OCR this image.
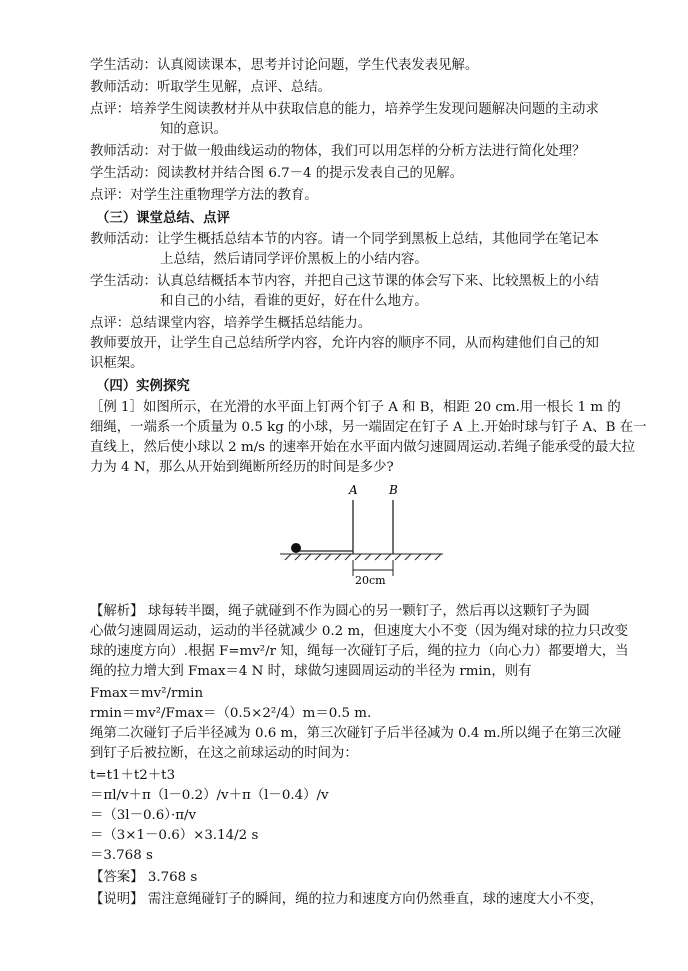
学生活动：认真阅读课本，思考并讨论问题，学生代表发表见解。
教师活动：听取学生见解，点评、总结。
点评：培养学生阅读教材并从中获取信息的能力，培养学生发现问题解决问题的主动求
知的意识。
教师活动：对于做一般曲线运动的物体，我们可以用怎样的分析方法进行简化处理？
学生活动：阅读教材并结合图 6.7－4 的提示发表自己的见解。
点评：对学生注重物理学方法的教育。
（三）课堂总结、点评
教师活动：让学生概括总结本节的内容。请一个同学到黑板上总结，其他同学在笔记本
上总结，然后请同学评价黑板上的小结内容。
学生活动：认真总结概括本节内容，并把自己这节课的体会写下来、比较黑板上的小结
和自己的小结，看谁的更好，好在什么地方。
点评：总结课堂内容，培养学生概括总结能力。
教师要放开，让学生自己总结所学内容，允许内容的顺序不同，从而构建他们自己的知
识框架。
（四）实例探究
［例 1］如图所示，在光滑的水平面上钉两个钉子 A 和 B，相距 20 cm.用一根长 1 m 的
细绳，一端系一个质量为 0.5 kg 的小球，另一端固定在钉子 A 上.开始时球与钉子 A、B 在一
直线上，然后使小球以 2 m/s 的速率开始在水平面内做匀速圆周运动.若绳子能承受的最大拉
力为 4 N，那么从开始到绳断所经历的时间是多少?
【解析】 球每转半圈，绳子就碰到不作为圆心的另一颗钉子，然后再以这颗钉子为圆
心做匀速圆周运动，运动的半径就减少 0.2 m，但速度大小不变（因为绳对球的拉力只改变
球的速度方向）.根据 F=mv²/r 知，绳每一次碰钉子后，绳的拉力（向心力）都要增大，当
绳的拉力增大到 Fmax＝4 N 时，球做匀速圆周运动的半径为 rmin，则有
Fmax＝mv²/rmin
rmin＝mv²/Fmax＝（0.5×2²/4）m＝0.5 m.
绳第二次碰钉子后半径减为 0.6 m，第三次碰钉子后半径减为 0.4 m.所以绳子在第三次碰
到钉子后被拉断，在这之前球运动的时间为：
t=t1＋t2＋t3
＝πl/v＋π（l－0.2）/v＋π（l－0.4）/v
＝（3l－0.6）·π/v
＝（3×1－0.6）×3.14/2 s
＝3.768 s
【答案】 3.768 s
【说明】 需注意绳碰钉子的瞬间，绳的拉力和速度方向仍然垂直，球的速度大小不变，
A	B
20cm
